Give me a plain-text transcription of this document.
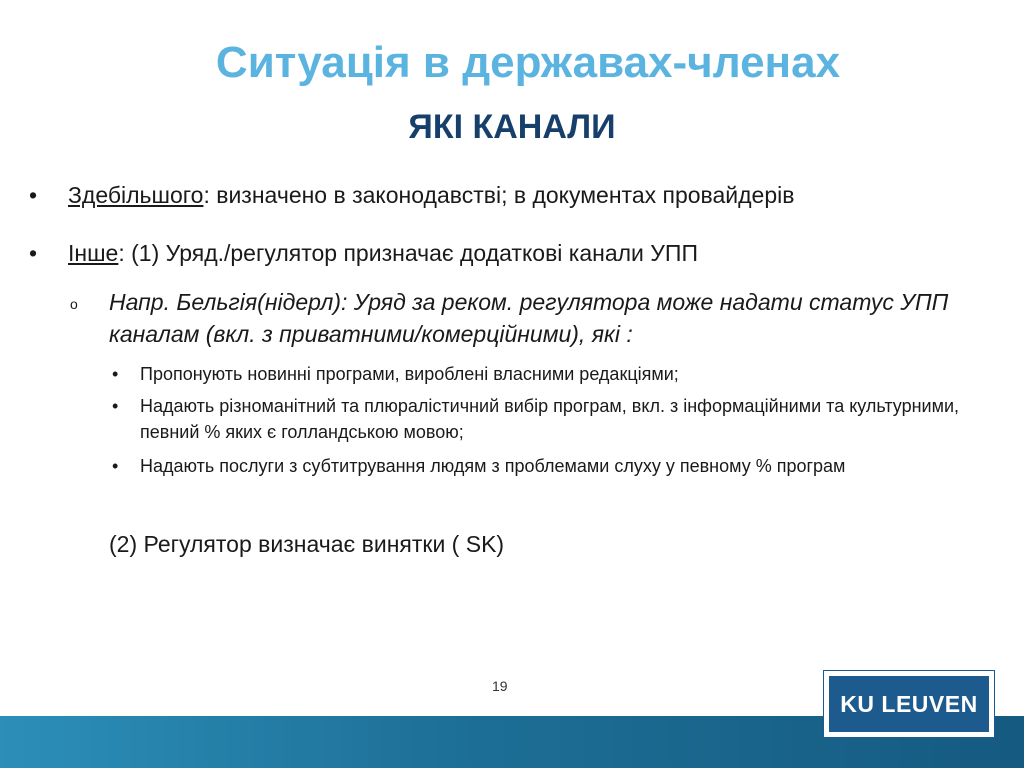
Ситуація в державах-членах
ЯКІ КАНАЛИ
• Здебільшого: визначено в законодавстві; в документах провайдерів
• Інше: (1) Уряд./регулятор призначає додаткові канали УПП
o Напр. Бельгія(нідерл): Уряд за реком. регулятора може надати статус УПП каналам (вкл. з приватними/комерційними), які :
• Пропонують новинні програми, вироблені власними редакціями;
• Надають різноманітний та плюралістичний вибір програм, вкл. з інформаційними та культурними, певний % яких є голландською мовою;
• Надають послуги з субтитрування людям з проблемами слуху у певному % програм
(2) Регулятор визначає винятки ( SK)
19
KU LEUVEN
